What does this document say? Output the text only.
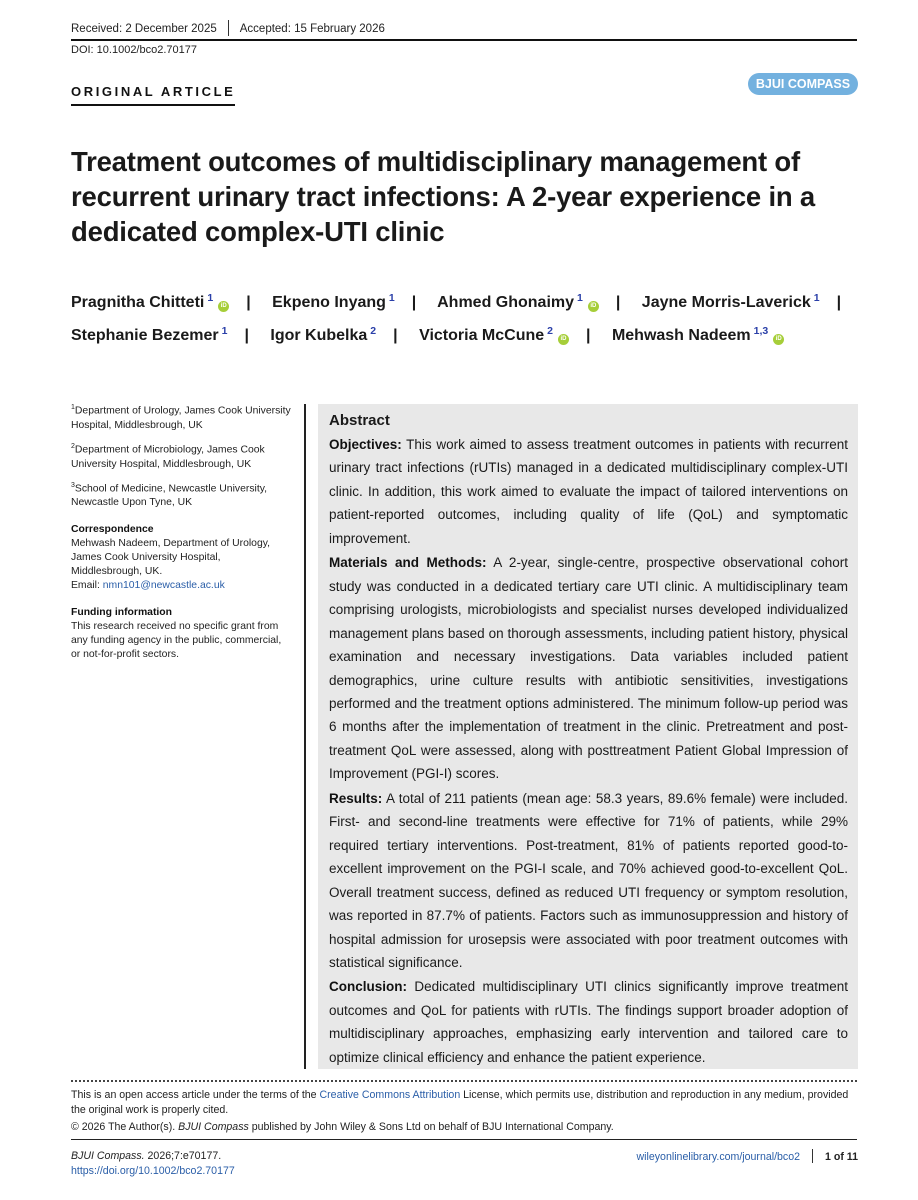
Received: 2 December 2025 Accepted: 15 February 2026
DOI: 10.1002/bco2.70177
ORIGINAL ARTICLE	BJUI COMPASS
Treatment outcomes of multidisciplinary management of recurrent urinary tract infections: A 2-year experience in a dedicated complex-UTI clinic
Pragnitha Chitteti $^1$iD | Ekpeno Inyang $^1$ | Ahmed Ghonaimy $^1$iD | Jayne Morris-Laverick $^1$ | Stephanie Bezemer $^1$ | Igor Kubelka $^2$ | Victoria McCune $^2$iD | Mehwash Nadeem $^{1,3}$iD

$^1$Department of Urology, James Cook University Hospital, Middlesbrough, UK

$^2$Department of Microbiology, James Cook University Hospital, Middlesbrough, UK

$^3$School of Medicine, Newcastle University, Newcastle Upon Tyne, UK

Correspondence

Mehwash Nadeem, Department of Urology, James Cook University Hospital, Middlesbrough, UK.
Email: nmn101@newcastle.ac.uk

Funding information

This research received no specific grant from any funding agency in the public, commercial, or not-for-profit sectors.

Abstract

Objectives: This work aimed to assess treatment outcomes in patients with recurrent urinary tract infections (rUTIs) managed in a dedicated multidisciplinary complex-UTI clinic. In addition, this work aimed to evaluate the impact of tailored interventions on patient-reported outcomes, including quality of life (QoL) and symptomatic improvement.

Materials and Methods: A 2-year, single-centre, prospective observational cohort study was conducted in a dedicated tertiary care UTI clinic. A multidisciplinary team comprising urologists, microbiologists and specialist nurses developed individualized management plans based on thorough assessments, including patient history, physical examination and necessary investigations. Data variables included patient demographics, urine culture results with antibiotic sensitivities, investigations performed and the treatment options administered. The minimum follow-up period was 6 months after the implementation of treatment in the clinic. Pretreatment and post-treatment QoL were assessed, along with posttreatment Patient Global Impression of Improvement (PGI-I) scores.

Results: A total of 211 patients (mean age: 58.3 years, 89.6% female) were included. First- and second-line treatments were effective for 71% of patients, while 29% required tertiary interventions. Post-treatment, 81% of patients reported good-to-excellent improvement on the PGI-I scale, and 70% achieved good-to-excellent QoL. Overall treatment success, defined as reduced UTI frequency or symptom resolution, was reported in 87.7% of patients. Factors such as immunosuppression and history of hospital admission for urosepsis were associated with poor treatment outcomes with statistical significance.

Conclusion: Dedicated multidisciplinary UTI clinics significantly improve treatment outcomes and QoL for patients with rUTIs. The findings support broader adoption of multidisciplinary approaches, emphasizing early intervention and tailored care to optimize clinical efficiency and enhance the patient experience.

This is an open access article under the terms of the Creative Commons Attribution License, which permits use, distribution and reproduction in any medium, provided the original work is properly cited.

© 2026 The Author(s). BJUI Compass published by John Wiley & Sons Ltd on behalf of BJU International Company.

BJUI Compass. 2026;7:e70177.
https://doi.org/10.1002/bco2.70177
wileyonlinelibrary.com/journal/bco2 1 of 11
